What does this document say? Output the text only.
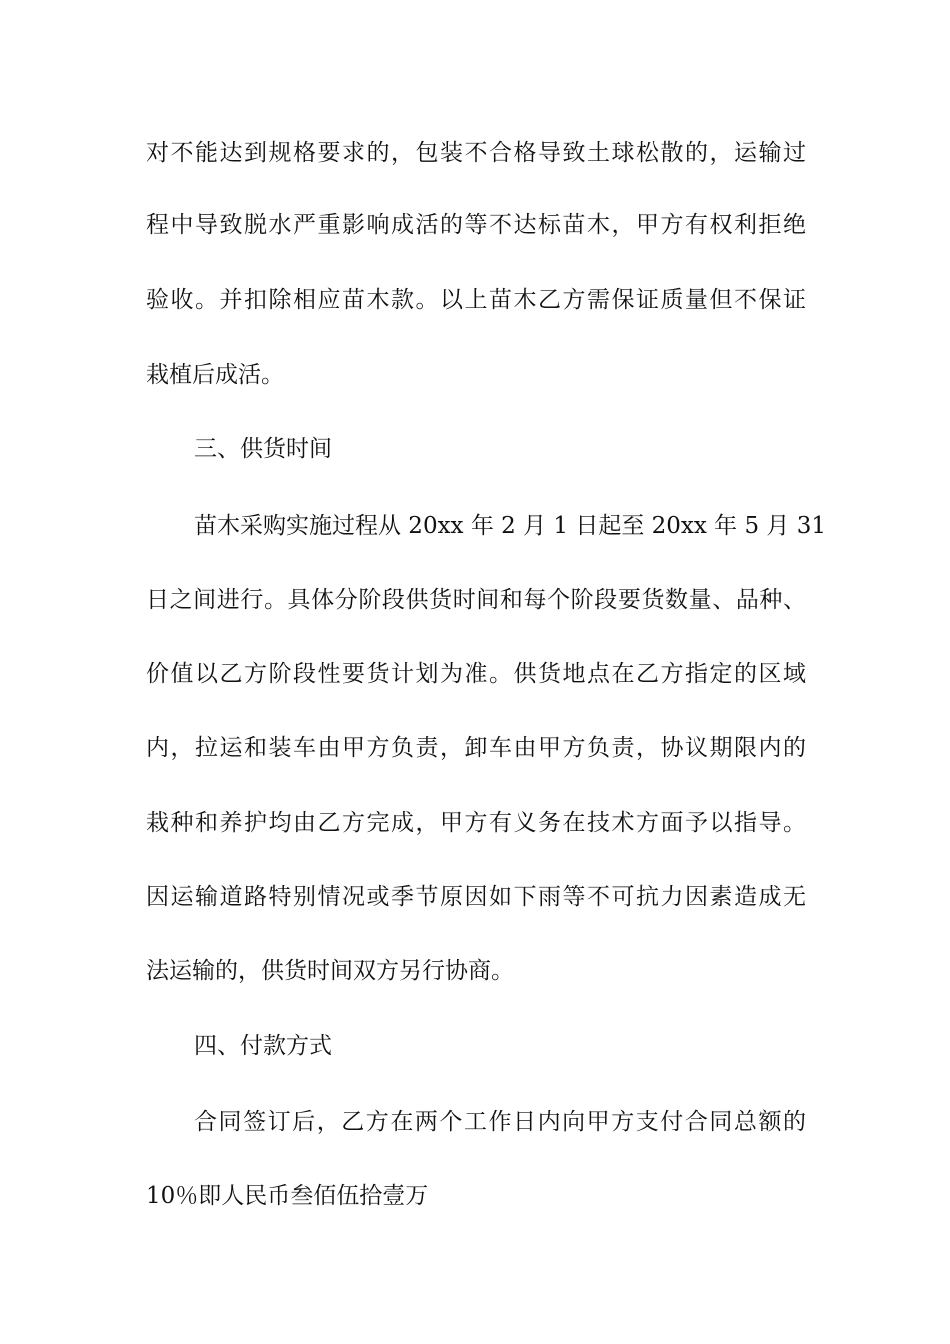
对不能达到规格要求的，包装不合格导致土球松散的，运输过
程中导致脱水严重影响成活的等不达标苗木，甲方有权利拒绝
验收。并扣除相应苗木款。以上苗木乙方需保证质量但不保证
栽植后成活。
三、供货时间
苗木采购实施过程从 20xx 年 2 月 1 日起至 20xx 年 5 月 31
日之间进行。具体分阶段供货时间和每个阶段要货数量、品种、
价值以乙方阶段性要货计划为准。供货地点在乙方指定的区域
内，拉运和装车由甲方负责，卸车由甲方负责，协议期限内的
栽种和养护均由乙方完成，甲方有义务在技术方面予以指导。
因运输道路特别情况或季节原因如下雨等不可抗力因素造成无
法运输的，供货时间双方另行协商。
四、付款方式
合同签订后，乙方在两个工作日内向甲方支付合同总额的
10％即人民币叁佰伍拾壹万
